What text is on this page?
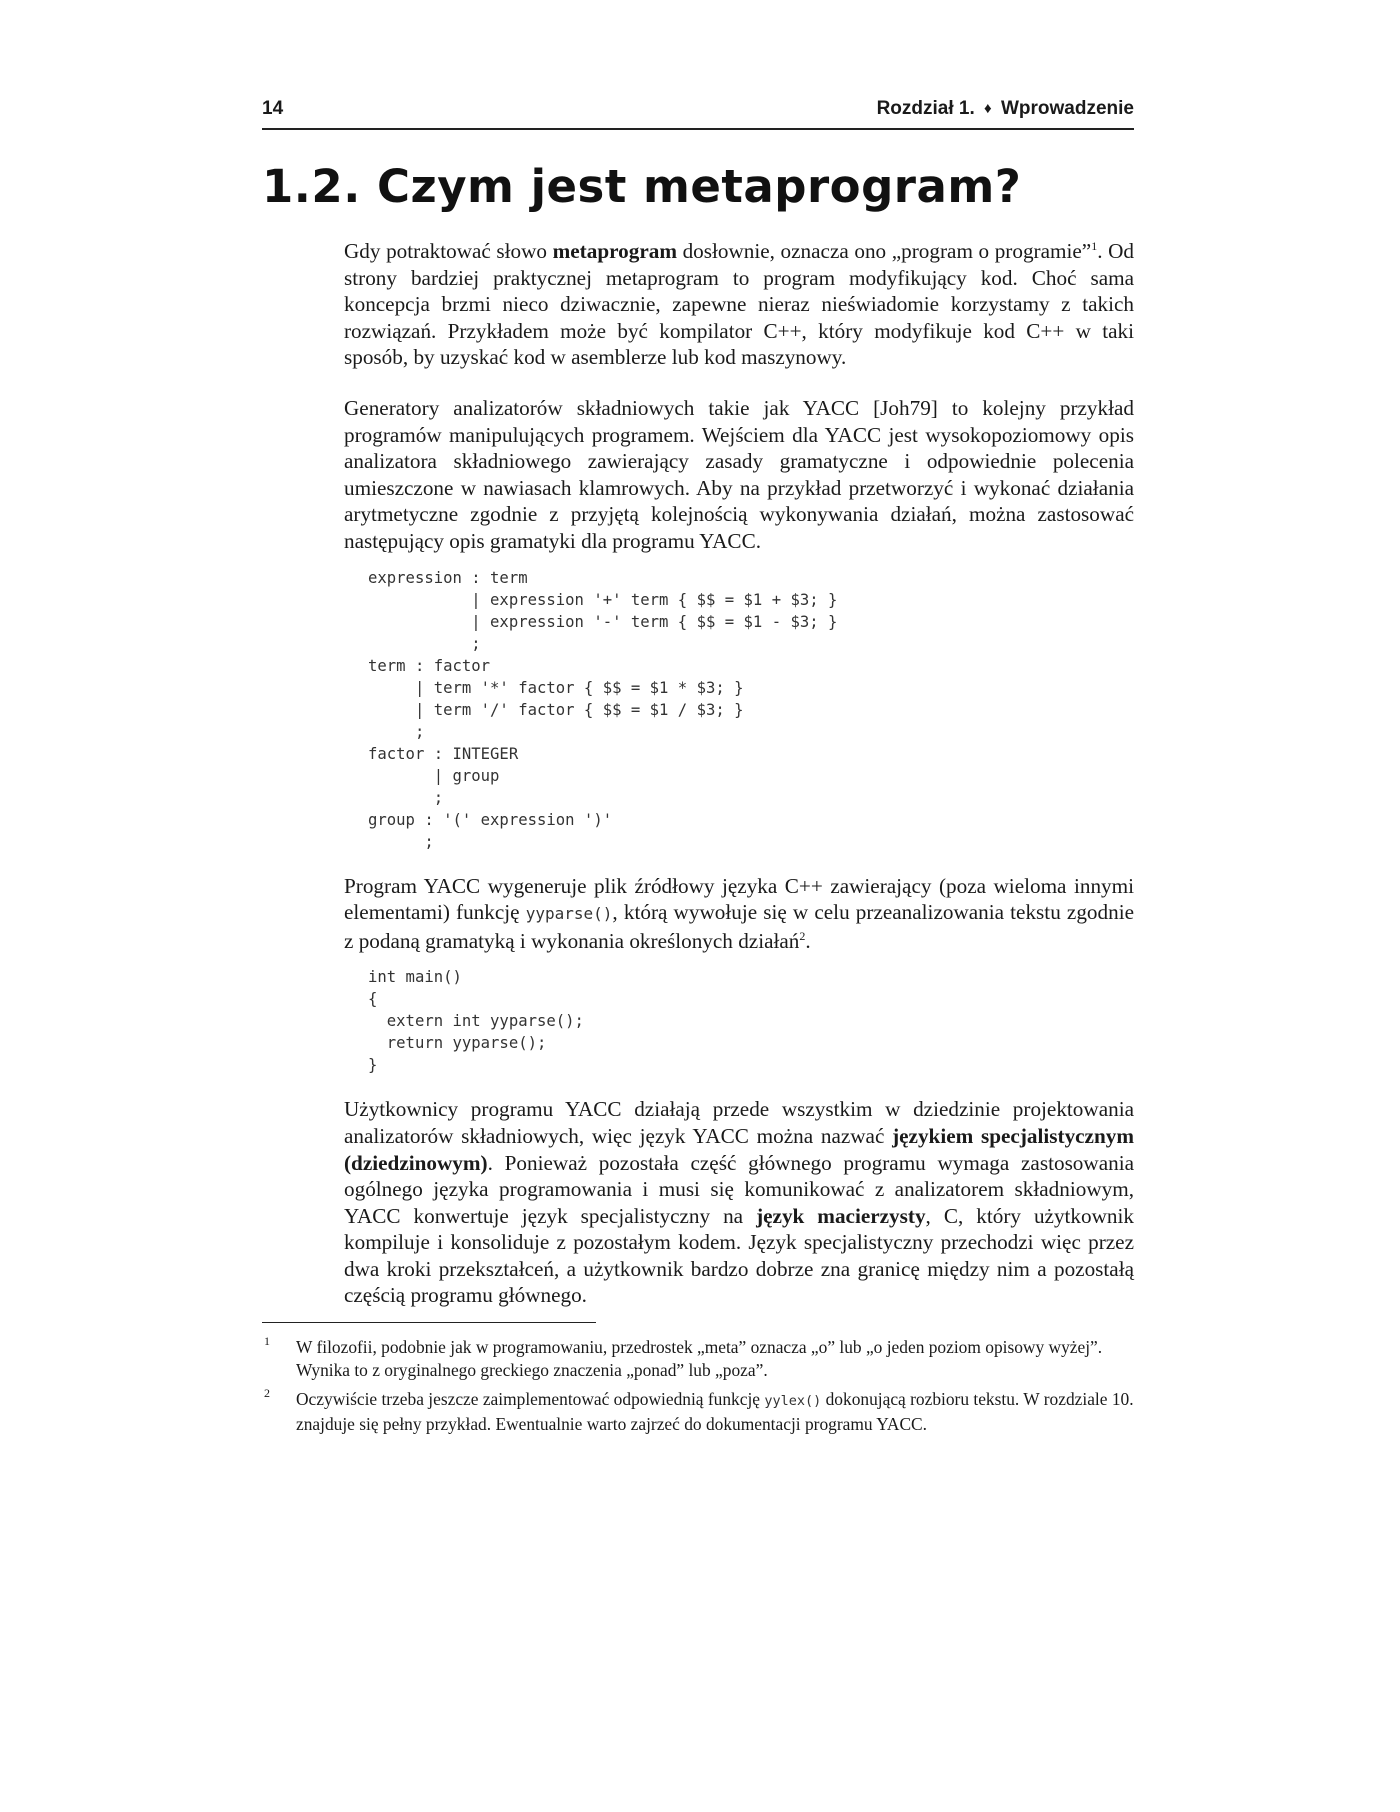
14	Rozdział 1. ♦ Wprowadzenie
1.2. Czym jest metaprogram?

Gdy potraktować słowo metaprogram dosłownie, oznacza ono „program o programie”$^1$. Od strony bardziej praktycznej metaprogram to program modyfikujący kod. Choć sama koncepcja brzmi nieco dziwacznie, zapewne nieraz nieświadomie korzystamy z takich rozwiązań. Przykładem może być kompilator C++, który modyfikuje kod C++ w taki sposób, by uzyskać kod w asemblerze lub kod maszynowy.

Generatory analizatorów składniowych takie jak YACC [Joh79] to kolejny przykład programów manipulujących programem. Wejściem dla YACC jest wysokopoziomowy opis analizatora składniowego zawierający zasady gramatyczne i odpowiednie polecenia umieszczone w nawiasach klamrowych. Aby na przykład przetworzyć i wykonać działania arytmetyczne zgodnie z przyjętą kolejnością wykonywania działań, można zastosować następujący opis gramatyki dla programu YACC.

expression : term
| expression '+' term { $$ = $1 + $3; }
| expression '-' term { $$ = $1 - $3; }
;
term : factor
| term '*' factor { $$ = $1 * $3; }
| term '/' factor { $$ = $1 / $3; }
;
factor : INTEGER
| group
;
group : '(' expression ')'
;

Program YACC wygeneruje plik źródłowy języka C++ zawierający (poza wieloma innymi elementami) funkcję yyparse(), którą wywołuje się w celu przeanalizowania tekstu zgodnie z podaną gramatyką i wykonania określonych działań$^2$.

int main()
{
extern int yyparse();
return yyparse();
}

Użytkownicy programu YACC działają przede wszystkim w dziedzinie projektowania analizatorów składniowych, więc język YACC można nazwać językiem specjalistycznym (dziedzinowym). Ponieważ pozostała część głównego programu wymaga zastosowania ogólnego języka programowania i musi się komunikować z analizatorem składniowym, YACC konwertuje język specjalistyczny na język macierzysty, C, który użytkownik kompiluje i konsoliduje z pozostałym kodem. Język specjalistyczny przechodzi więc przez dwa kroki przekształceń, a użytkownik bardzo dobrze zna granicę między nim a pozostałą częścią programu głównego.

1 W filozofii, podobnie jak w programowaniu, przedrostek „meta” oznacza „o” lub „o jeden poziom opisowy wyżej”. Wynika to z oryginalnego greckiego znaczenia „ponad” lub „poza”.

2 Oczywiście trzeba jeszcze zaimplementować odpowiednią funkcję yylex() dokonującą rozbioru tekstu. W rozdziale 10. znajduje się pełny przykład. Ewentualnie warto zajrzeć do dokumentacji programu YACC.
